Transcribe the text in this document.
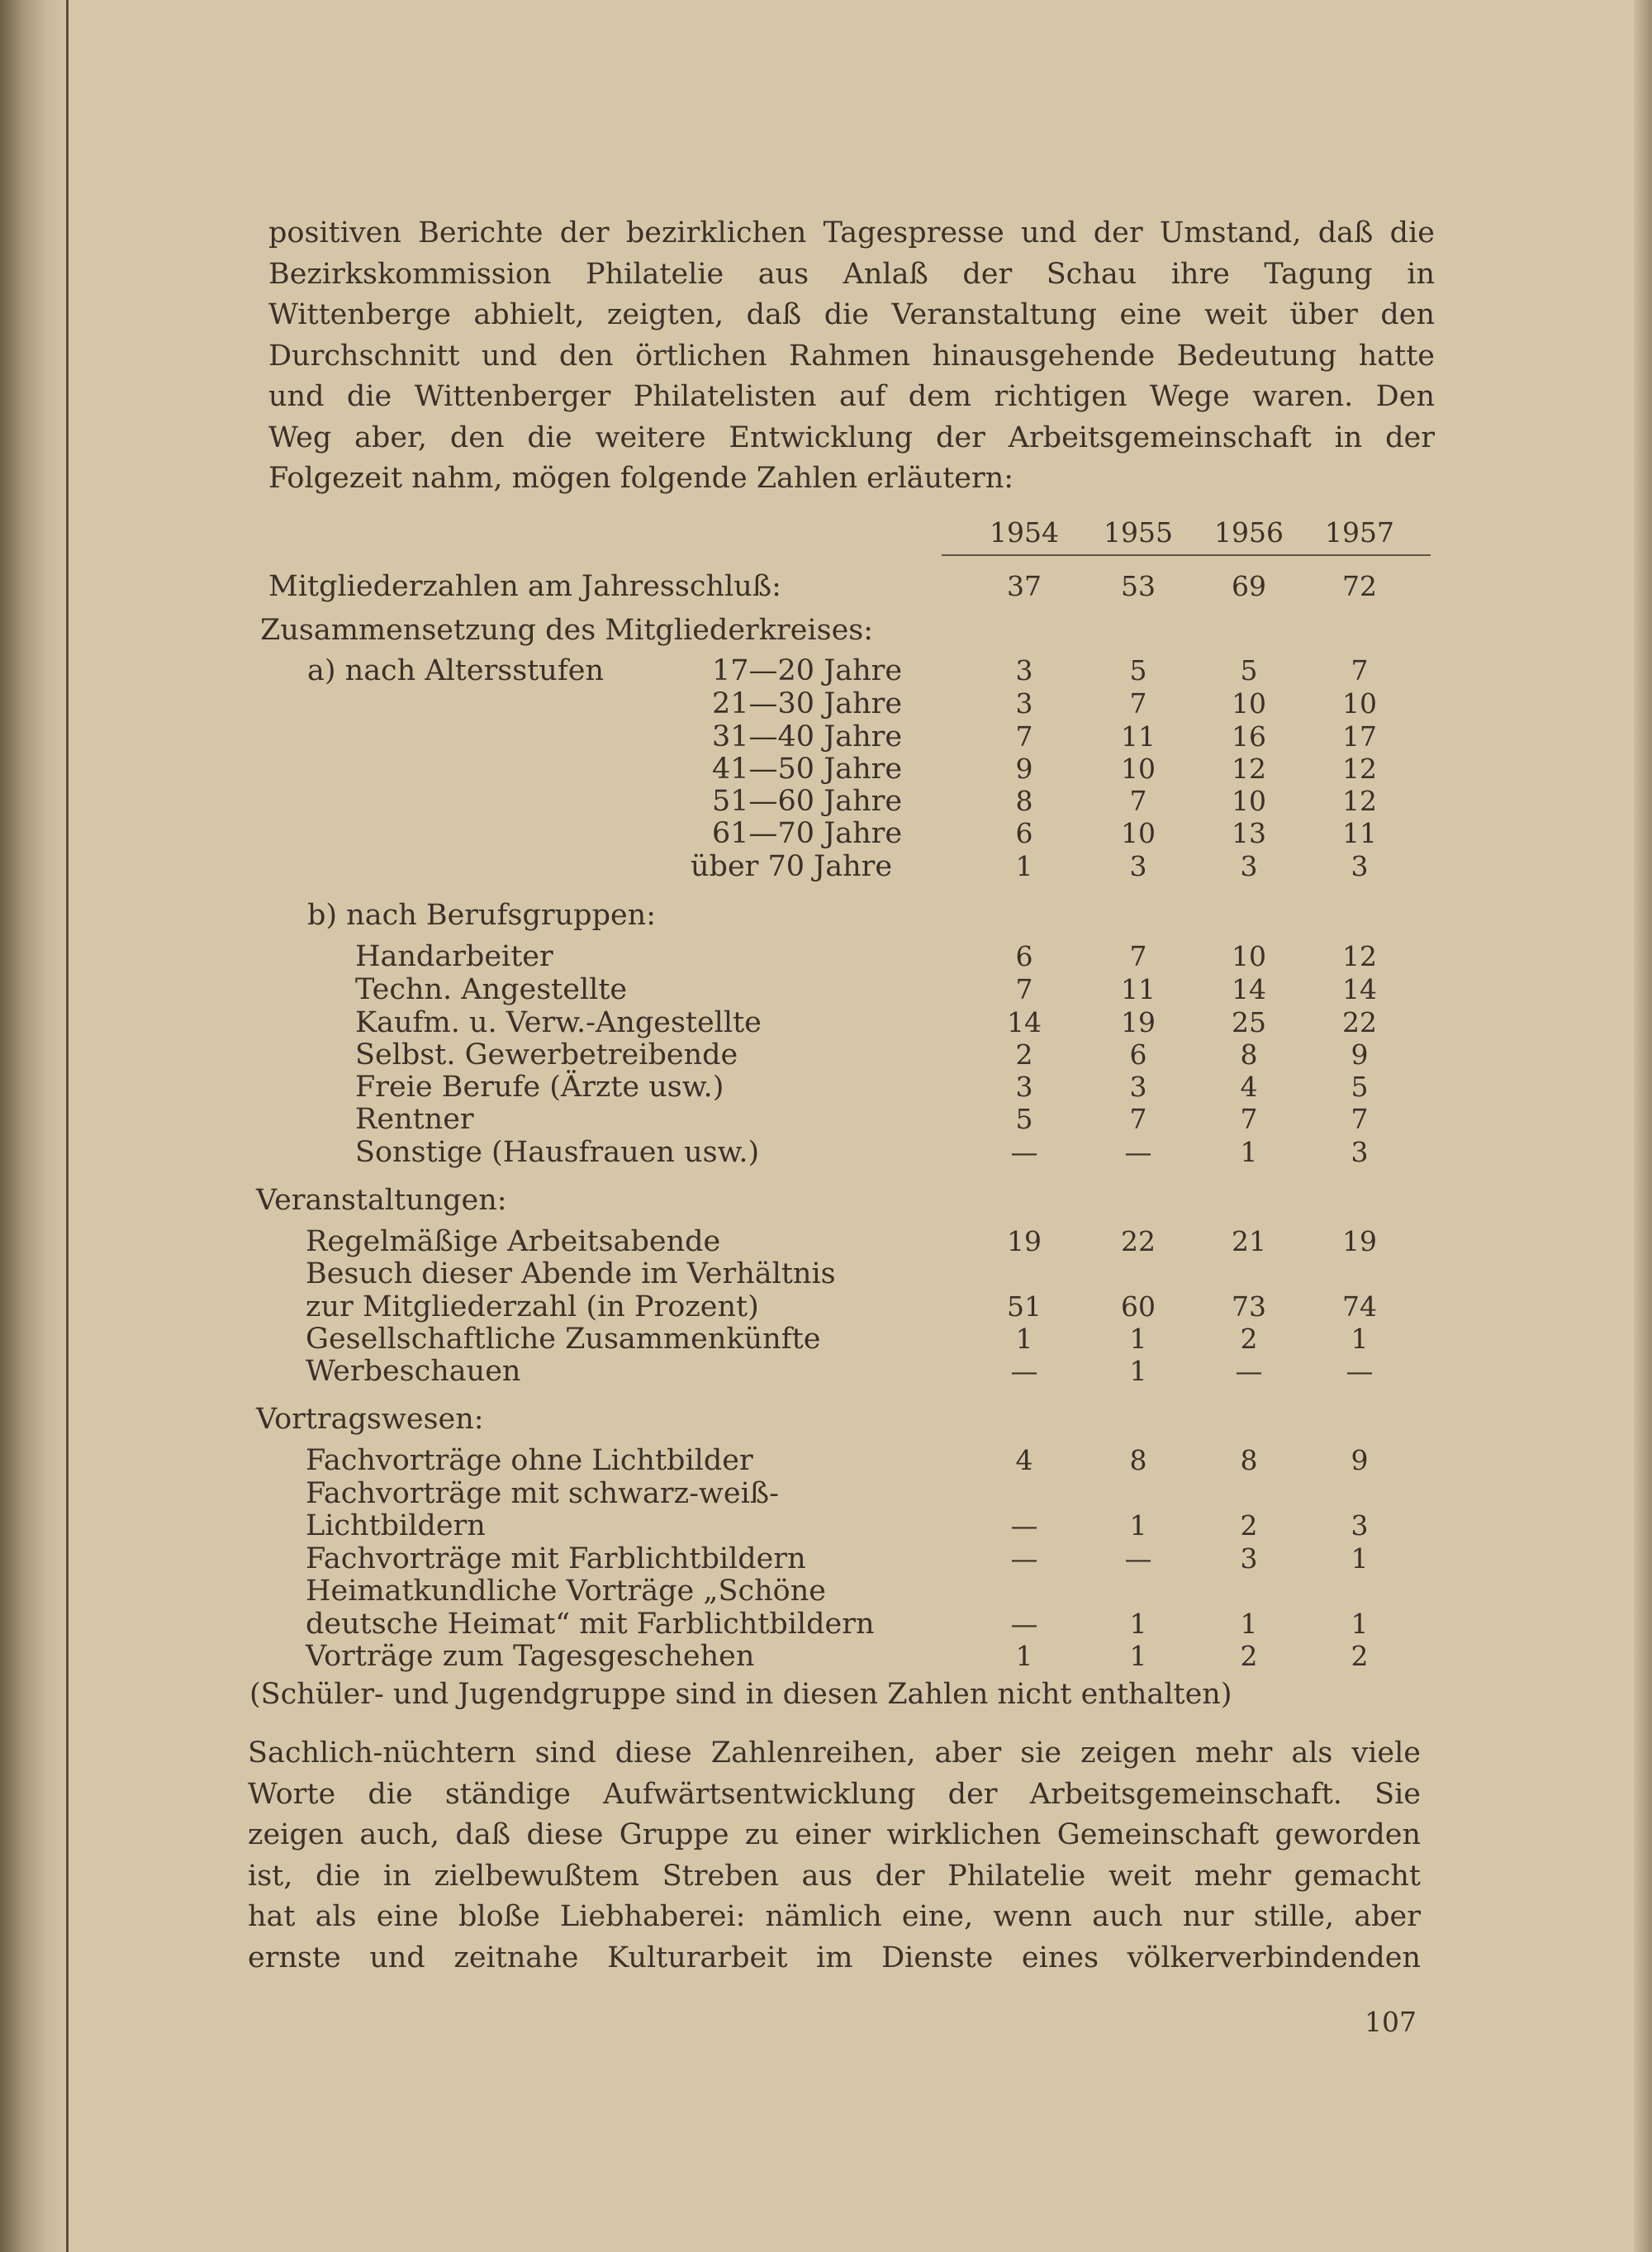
positiven Berichte der bezirklichen Tagespresse und der Umstand, daß die
Bezirkskommission Philatelie aus Anlaß der Schau ihre Tagung in
Wittenberge abhielt, zeigten, daß die Veranstaltung eine weit über den
Durchschnitt und den örtlichen Rahmen hinausgehende Bedeutung hatte
und die Wittenberger Philatelisten auf dem richtigen Wege waren. Den
Weg aber, den die weitere Entwicklung der Arbeitsgemeinschaft in der
Folgezeit nahm, mögen folgende Zahlen erläutern:
1954 1955 1956 1957
Mitgliederzahlen am Jahresschluß:	37	53	69	72
Zusammensetzung des Mitgliederkreises:
a) nach Altersstufen	17—20 Jahre	3	5	5	7
21—30 Jahre	3	7	10	10
31—40 Jahre	7	11	16	17
41—50 Jahre	9	10	12	12
51—60 Jahre	8	7	10	12
61—70 Jahre	6	10	13	11
über 70 Jahre	1	3	3	3
b) nach Berufsgruppen:
Handarbeiter	6	7	10	12
Techn. Angestellte	7	11	14	14
Kaufm. u. Verw.-Angestellte	14	19	25	22
Selbst. Gewerbetreibende	2	6	8	9
Freie Berufe (Ärzte usw.)	3	3	4	5
Rentner	5	7	7	7
Sonstige (Hausfrauen usw.)	—	—	1	3
Veranstaltungen:
Regelmäßige Arbeitsabende	19	22	21	19
Besuch dieser Abende im Verhältnis
zur Mitgliederzahl (in Prozent)	51	60	73	74
Gesellschaftliche Zusammenkünfte	1	1	2	1
Werbeschauen	—	1	—	—
Vortragswesen:
Fachvorträge ohne Lichtbilder	4	8	8	9
Fachvorträge mit schwarz-weiß-
Lichtbildern	—	1	2	3
Fachvorträge mit Farblichtbildern	—	—	3	1
Heimatkundliche Vorträge „Schöne
deutsche Heimat“ mit Farblichtbildern	—	1	1	1
Vorträge zum Tagesgeschehen	1	1	2	2
(Schüler- und Jugendgruppe sind in diesen Zahlen nicht enthalten)
Sachlich-nüchtern sind diese Zahlenreihen, aber sie zeigen mehr als viele
Worte die ständige Aufwärtsentwicklung der Arbeitsgemeinschaft. Sie
zeigen auch, daß diese Gruppe zu einer wirklichen Gemeinschaft geworden
ist, die in zielbewußtem Streben aus der Philatelie weit mehr gemacht
hat als eine bloße Liebhaberei: nämlich eine, wenn auch nur stille, aber
ernste und zeitnahe Kulturarbeit im Dienste eines völkerverbindenden
107
